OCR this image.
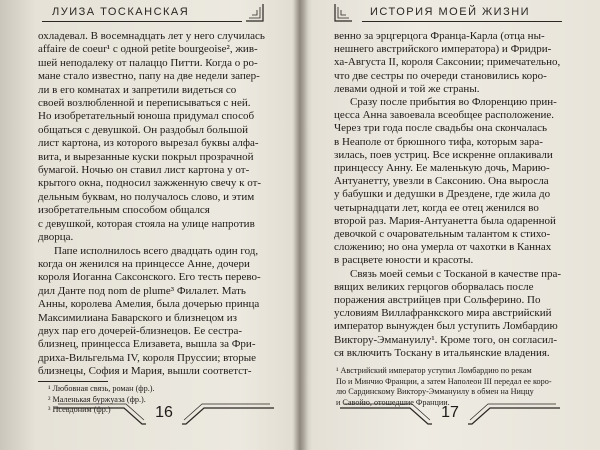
ЛУИЗА ТОСКАНСКАЯ

охладевал. В восемнадцать лет у него случилась

affaire de coeur¹ с одной petite bourgeoise², жив-

шей неподалеку от палаццо Питти. Когда о ро-

мане стало известно, папу на две недели запер-

ли в его комнатах и запретили видеться со

своей возлюбленной и переписываться с ней.

Но изобретательный юноша придумал способ

общаться с девушкой. Он раздобыл большой

лист картона, из которого вырезал буквы алфа-

вита, и вырезанные куски покрыл прозрачной

бумагой. Ночью он ставил лист картона у от-

крытого окна, подносил зажженную свечу к от-

дельным буквам, но получалось слово, и этим

изобретательным способом общался

с девушкой, которая стояла на улице напротив

дворца.

Папе исполнилось всего двадцать один год,

когда он женился на принцессе Анне, дочери

короля Иоганна Саксонского. Его тесть перево-

дил Данте под nom de plume³ Филалет. Мать

Анны, королева Амелия, была дочерью принца

Максимилиана Баварского и близнецом из

двух пар его дочерей-близнецов. Ее сестра-

близнец, принцесса Елизавета, вышла за Фри-

дриха-Вильгельма IV, короля Пруссии; вторые

близнецы, София и Мария, вышли соответст-

¹ Любовная связь, роман (фр.).
² Маленькая буржуаза (фр.).
³ Псевдоним (фр.)
ИСТОРИЯ МОЕЙ ЖИЗНИ

венно за эрцгерцога Франца-Карла (отца ны-

нешнего австрийского императора) и Фридри-

ха-Августа II, короля Саксонии; примечательно,

что две сестры по очереди становились коро-

левами одной и той же страны.

Сразу после прибытия во Флоренцию прин-

цесса Анна завоевала всеобщее расположение.

Через три года после свадьбы она скончалась

в Неаполе от брюшного тифа, которым зара-

зилась, поев устриц. Все искренне оплакивали

принцессу Анну. Ее маленькую дочь, Марию-

Антуанетту, увезли в Саксонию. Она выросла

у бабушки и дедушки в Дрездене, где жила до

четырнадцати лет, когда ее отец женился во

второй раз. Мария-Антуанетта была одаренной

девочкой с очаровательным талантом к стихо-

сложению; но она умерла от чахотки в Каннах

в расцвете юности и красоты.

Связь моей семьи с Тосканой в качестве пра-

вящих великих герцогов оборвалась после

поражения австрийцев при Сольферино. По

условиям Виллафранкского мира австрийский

император вынужден был уступить Ломбардию

Виктору-Эммануилу¹. Кроме того, он согласил-

ся включить Тоскану в итальянские владения.

¹ Австрийский император уступил Ломбардию по рекам
По и Минчио Франции, а затем Наполеон III передал ее коро-
лю Сардинскому Виктору-Эммануилу в обмен на Ниццу
и Савойю, отошедшие Франции.
16	17
